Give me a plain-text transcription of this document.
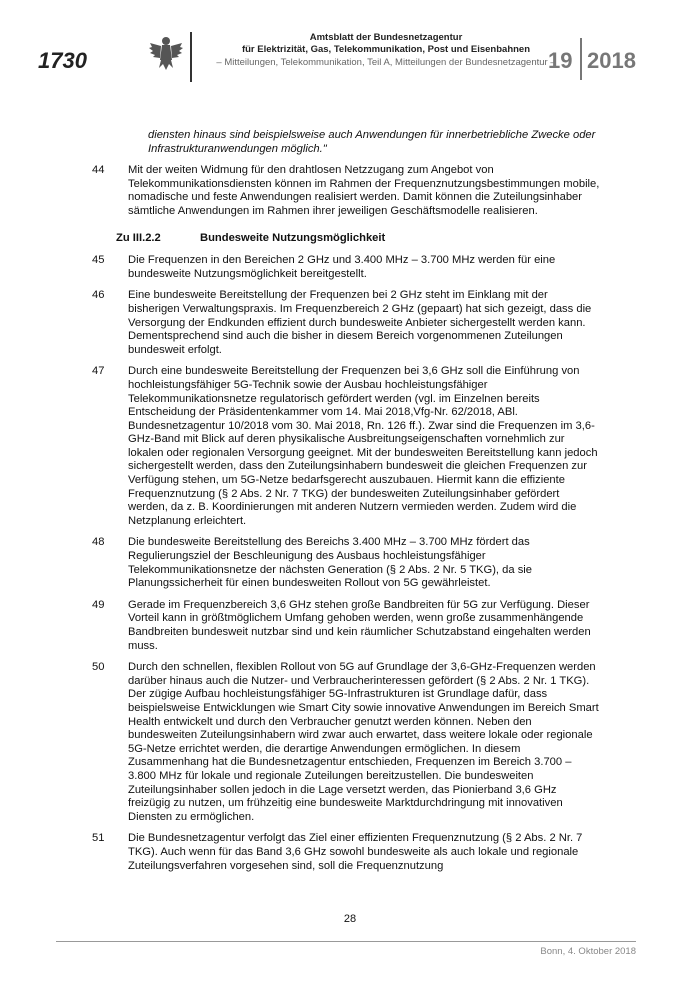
1730
Amtsblatt der Bundesnetzagentur
für Elektrizität, Gas, Telekommunikation, Post und Eisenbahnen
– Mitteilungen, Telekommunikation, Teil A, Mitteilungen der Bundesnetzagentur –
19 2018

diensten hinaus sind beispielsweise auch Anwendungen für innerbetriebliche Zwecke oder Infrastrukturanwendungen möglich."

44	Mit der weiten Widmung für den drahtlosen Netzzugang zum Angebot von Telekommunikationsdiensten können im Rahmen der Frequenznutzungsbestimmungen mobile, nomadische und feste Anwendungen realisiert werden. Damit können die Zuteilungsinhaber sämtliche Anwendungen im Rahmen ihrer jeweiligen Geschäftsmodelle realisieren.
Zu III.2.2	Bundesweite Nutzungsmöglichkeit
45	Die Frequenzen in den Bereichen 2 GHz und 3.400 MHz – 3.700 MHz werden für eine bundesweite Nutzungsmöglichkeit bereitgestellt.
46	Eine bundesweite Bereitstellung der Frequenzen bei 2 GHz steht im Einklang mit der bisherigen Verwaltungspraxis. Im Frequenzbereich 2 GHz (gepaart) hat sich gezeigt, dass die Versorgung der Endkunden effizient durch bundesweite Anbieter sichergestellt werden kann. Dementsprechend sind auch die bisher in diesem Bereich vorgenommenen Zuteilungen bundesweit erfolgt.
47	Durch eine bundesweite Bereitstellung der Frequenzen bei 3,6 GHz soll die Einführung von hochleistungsfähiger 5G-Technik sowie der Ausbau hochleistungsfähiger Telekommunikationsnetze regulatorisch gefördert werden (vgl. im Einzelnen bereits Entscheidung der Präsidentenkammer vom 14. Mai 2018,Vfg-Nr. 62/2018, ABl. Bundesnetzagentur 10/2018 vom 30. Mai 2018, Rn. 126 ff.). Zwar sind die Frequenzen im 3,6-GHz-Band mit Blick auf deren physikalische Ausbreitungseigenschaften vornehmlich zur lokalen oder regionalen Versorgung geeignet. Mit der bundesweiten Bereitstellung kann jedoch sichergestellt werden, dass den Zuteilungsinhabern bundesweit die gleichen Frequenzen zur Verfügung stehen, um 5G-Netze bedarfsgerecht auszubauen. Hiermit kann die effiziente Frequenznutzung (§ 2 Abs. 2 Nr. 7 TKG) der bundesweiten Zuteilungsinhaber gefördert werden, da z. B. Koordinierungen mit anderen Nutzern vermieden werden. Zudem wird die Netzplanung erleichtert.
48	Die bundesweite Bereitstellung des Bereichs 3.400 MHz – 3.700 MHz fördert das Regulierungsziel der Beschleunigung des Ausbaus hochleistungsfähiger Telekommunikationsnetze der nächsten Generation (§ 2 Abs. 2 Nr. 5 TKG), da sie Planungssicherheit für einen bundesweiten Rollout von 5G gewährleistet.
49	Gerade im Frequenzbereich 3,6 GHz stehen große Bandbreiten für 5G zur Verfügung. Dieser Vorteil kann in größtmöglichem Umfang gehoben werden, wenn große zusammenhängende Bandbreiten bundesweit nutzbar sind und kein räumlicher Schutzabstand eingehalten werden muss.
50	Durch den schnellen, flexiblen Rollout von 5G auf Grundlage der 3,6-GHz-Frequenzen werden darüber hinaus auch die Nutzer- und Verbraucherinteressen gefördert (§ 2 Abs. 2 Nr. 1 TKG). Der zügige Aufbau hochleistungsfähiger 5G-Infrastrukturen ist Grundlage dafür, dass beispielsweise Entwicklungen wie Smart City sowie innovative Anwendungen im Bereich Smart Health entwickelt und durch den Verbraucher genutzt werden können. Neben den bundesweiten Zuteilungsinhabern wird zwar auch erwartet, dass weitere lokale oder regionale 5G-Netze errichtet werden, die derartige Anwendungen ermöglichen. In diesem Zusammenhang hat die Bundesnetzagentur entschieden, Frequenzen im Bereich 3.700 – 3.800 MHz für lokale und regionale Zuteilungen bereitzustellen. Die bundesweiten Zuteilungsinhaber sollen jedoch in die Lage versetzt werden, das Pionierband 3,6 GHz freizügig zu nutzen, um frühzeitig eine bundesweite Marktdurchdringung mit innovativen Diensten zu ermöglichen.
51	Die Bundesnetzagentur verfolgt das Ziel einer effizienten Frequenznutzung (§ 2 Abs. 2 Nr. 7 TKG). Auch wenn für das Band 3,6 GHz sowohl bundesweite als auch lokale und regionale Zuteilungsverfahren vorgesehen sind, soll die Frequenznutzung
28
Bonn, 4. Oktober 2018
